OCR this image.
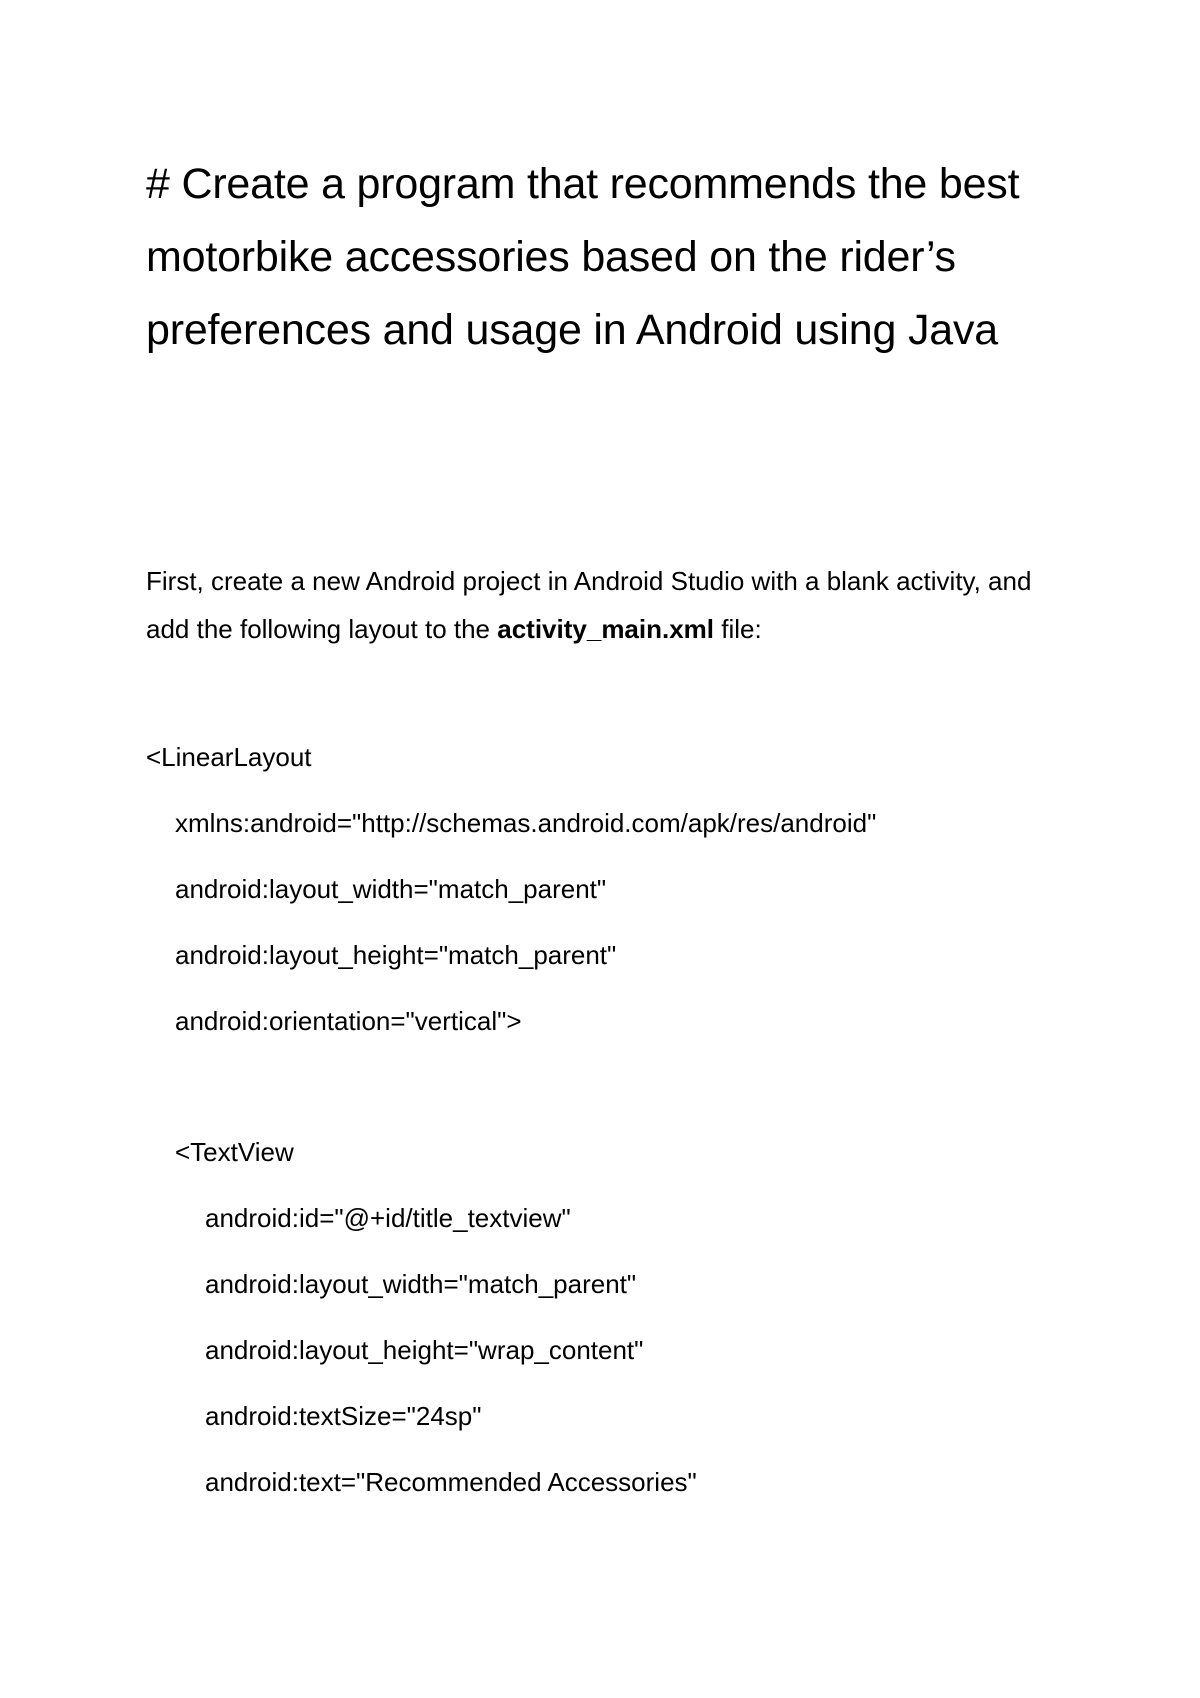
# Create a program that recommends the best motorbike accessories based on the rider’s preferences and usage in Android using Java

First, create a new Android project in Android Studio with a blank activity, and add the following layout to the activity_main.xml file:

<LinearLayout

xmlns:android="http://schemas.android.com/apk/res/android"

android:layout_width="match_parent"

android:layout_height="match_parent"

android:orientation="vertical">

<TextView

android:id="@+id/title_textview"

android:layout_width="match_parent"

android:layout_height="wrap_content"

android:textSize="24sp"

android:text="Recommended Accessories"
